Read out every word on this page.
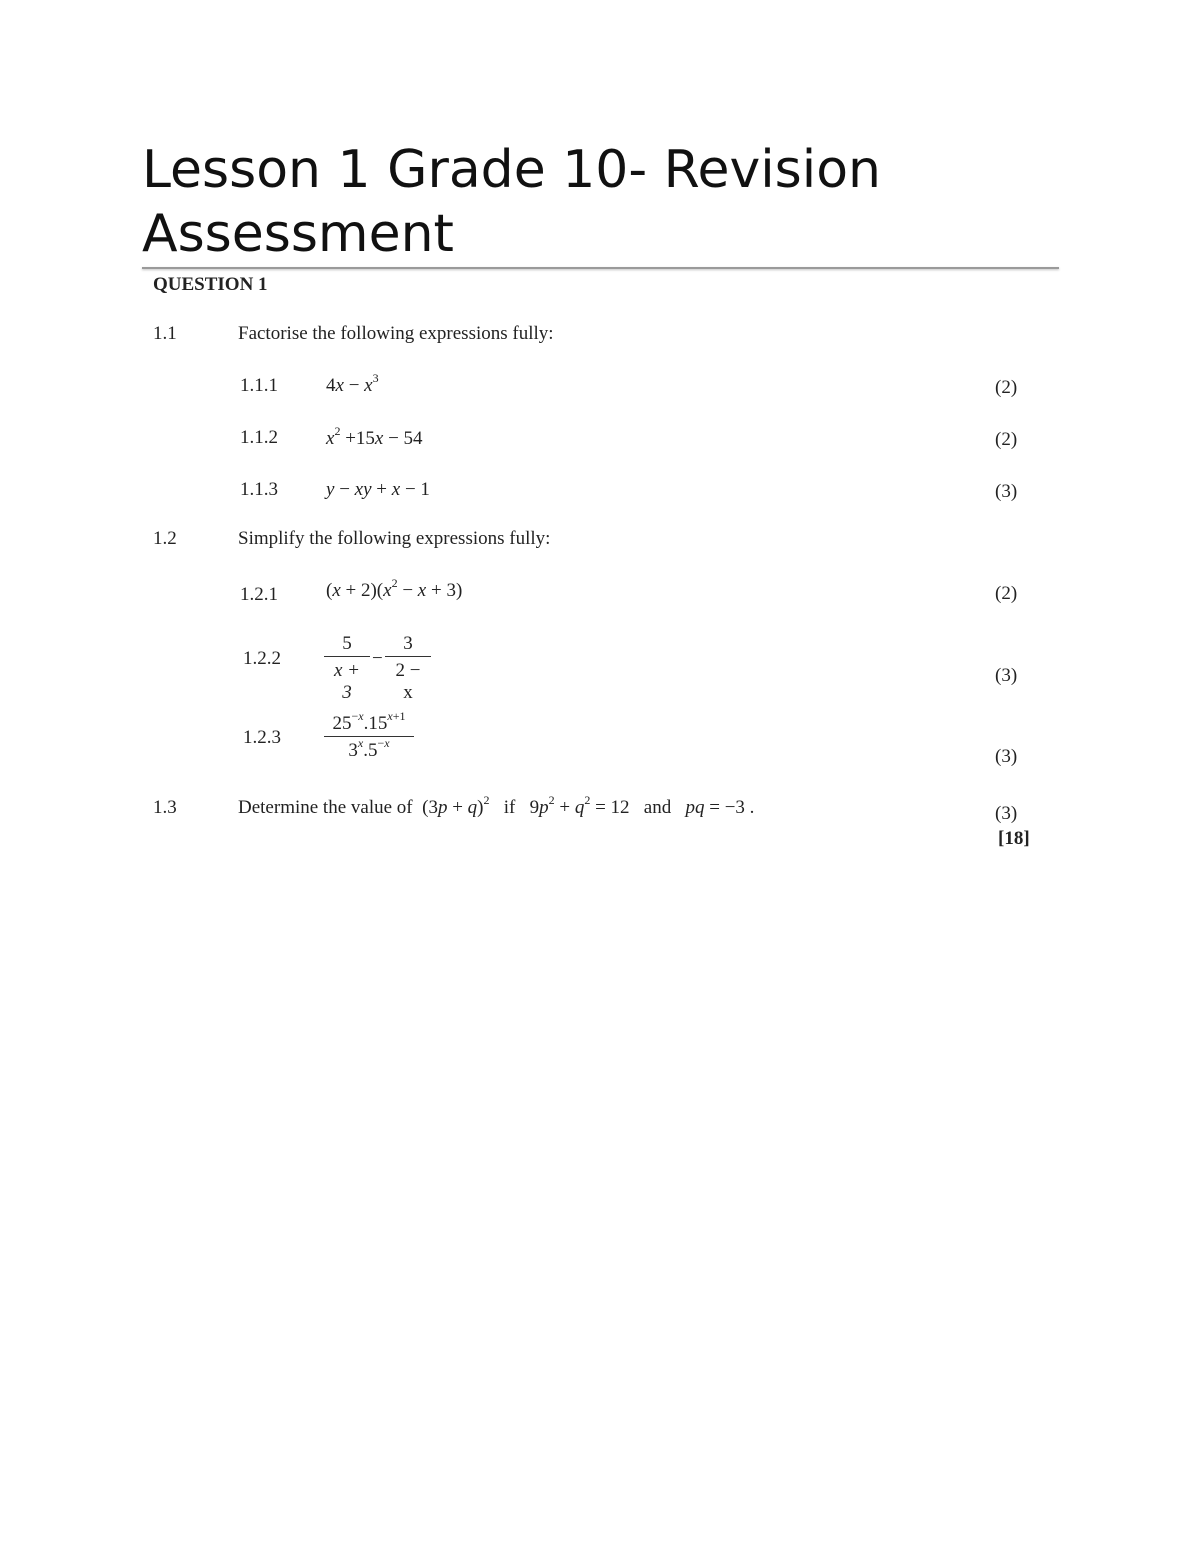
Lesson 1 Grade 10- Revision Assessment
QUESTION 1
1.1	Factorise the following expressions fully:
1.1.1	$4x - x^3$	(2)
1.1.2	$x^2 +15x - 54$	(2)
1.1.3	y − xy + x − 1	(3)
1.2	Simplify the following expressions fully:
1.2.1	$(x + 2)(x^2 - x + 3)$	(2)
$1.2.2 \frac{5}{x + 3} - \frac{3}{2 - x}$	(3)
$1.2.3 \frac{25^{-x}.15^{x+1}}{3^x.5^{-x}}$	(3)
1.3	Determine the value of  $(3p + q)^2$ if   $9p^2 + q^2 = 12$   and pq = −3 .	(3)
[18]
